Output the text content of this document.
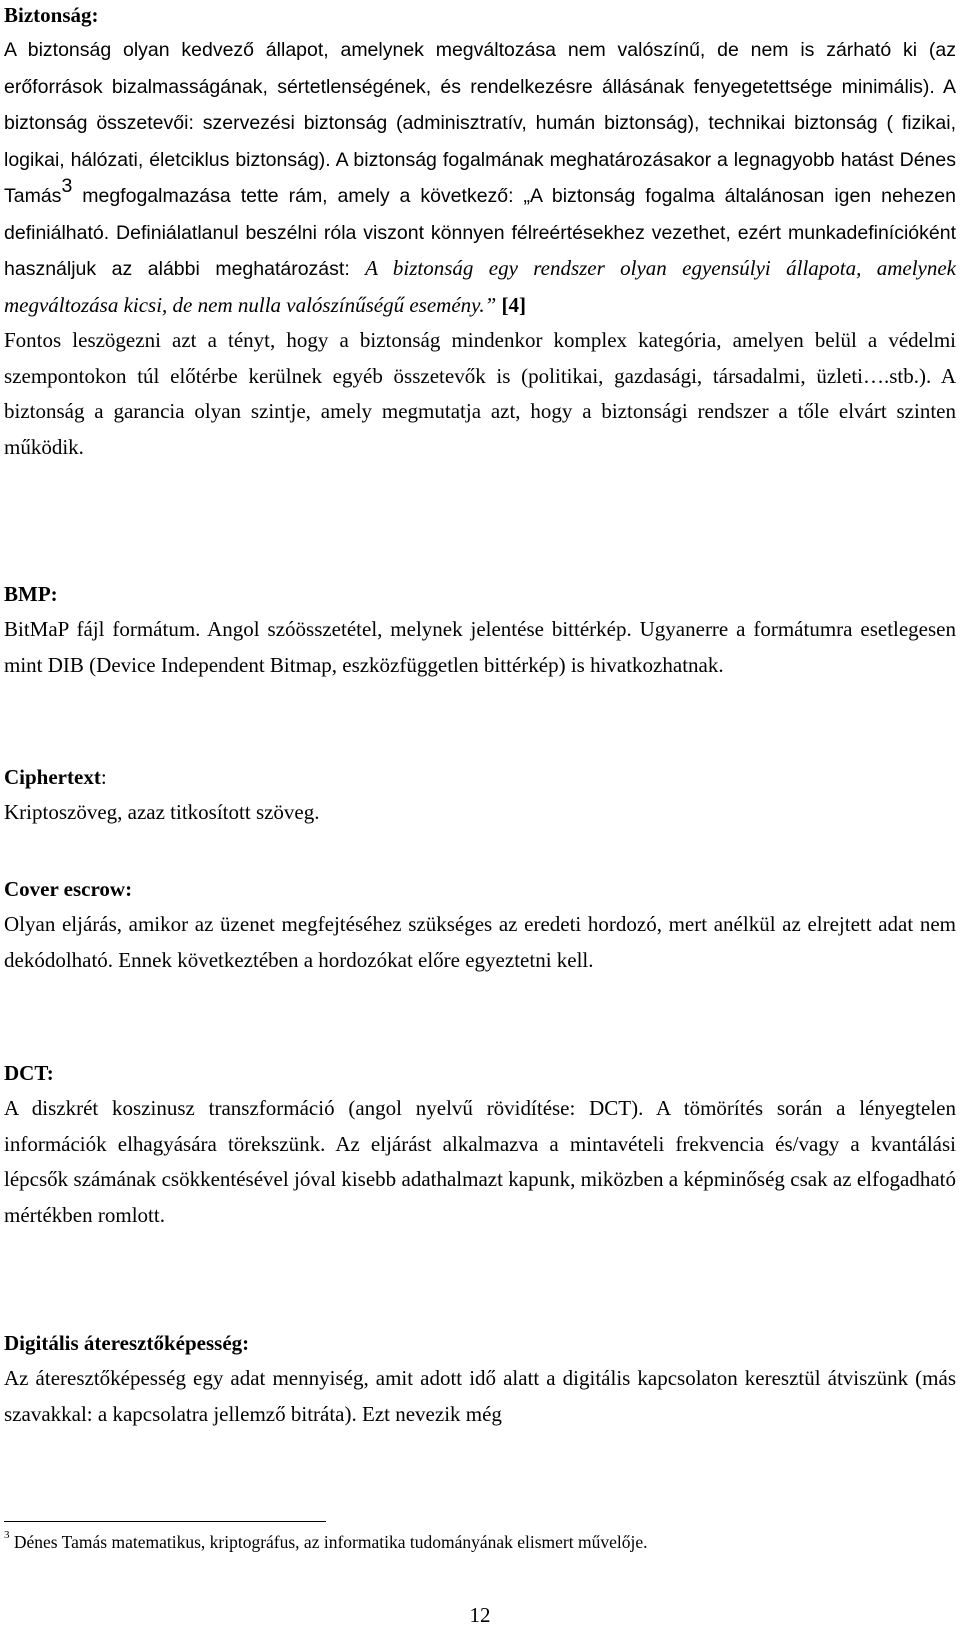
Biztonság:

A biztonság olyan kedvező állapot, amelynek megváltozása nem valószínű, de nem is zárható ki (az erőforrások bizalmasságának, sértetlenségének, és rendelkezésre állásának fenyegetettsége minimális). A biztonság összetevői: szervezési biztonság (adminisztratív, humán biztonság), technikai biztonság ( fizikai, logikai, hálózati, életciklus biztonság). A biztonság fogalmának meghatározásakor a legnagyobb hatást Dénes Tamás$^3$ megfogalmazása tette rám, amely a következő: „A biztonság fogalma általánosan igen nehezen definiálható. Definiálatlanul beszélni róla viszont könnyen félreértésekhez vezethet, ezért munkadefinícióként használjuk az alábbi meghatározást: A biztonság egy rendszer olyan egyensúlyi állapota, amelynek megváltozása kicsi, de nem nulla valószínűségű esemény.” [4]

Fontos leszögezni azt a tényt, hogy a biztonság mindenkor komplex kategória, amelyen belül a védelmi szempontokon túl előtérbe kerülnek egyéb összetevők is (politikai, gazdasági, társadalmi, üzleti….stb.). A biztonság a garancia olyan szintje, amely megmutatja azt, hogy a biztonsági rendszer a tőle elvárt szinten működik.

BMP:

BitMaP fájl formátum. Angol szóösszetétel, melynek jelentése bittérkép. Ugyanerre a formátumra esetlegesen mint DIB (Device Independent Bitmap, eszközfüggetlen bittérkép) is hivatkozhatnak.

Ciphertext:

Kriptoszöveg, azaz titkosított szöveg.

Cover escrow:

Olyan eljárás, amikor az üzenet megfejtéséhez szükséges az eredeti hordozó, mert anélkül az elrejtett adat nem dekódolható. Ennek következtében a hordozókat előre egyeztetni kell.

DCT:

A diszkrét koszinusz transzformáció (angol nyelvű rövidítése: DCT). A tömörítés során a lényegtelen információk elhagyására törekszünk. Az eljárást alkalmazva a mintavételi frekvencia és/vagy a kvantálási lépcsők számának csökkentésével jóval kisebb adathalmazt kapunk, miközben a képminőség csak az elfogadható mértékben romlott.

Digitális áteresztőképesség:

Az áteresztőképesség egy adat mennyiség, amit adott idő alatt a digitális kapcsolaton keresztül átviszünk (más szavakkal: a kapcsolatra jellemző bitráta). Ezt nevezik még

$^3$ Dénes Tamás matematikus, kriptográfus, az informatika tudományának elismert művelője.
12
